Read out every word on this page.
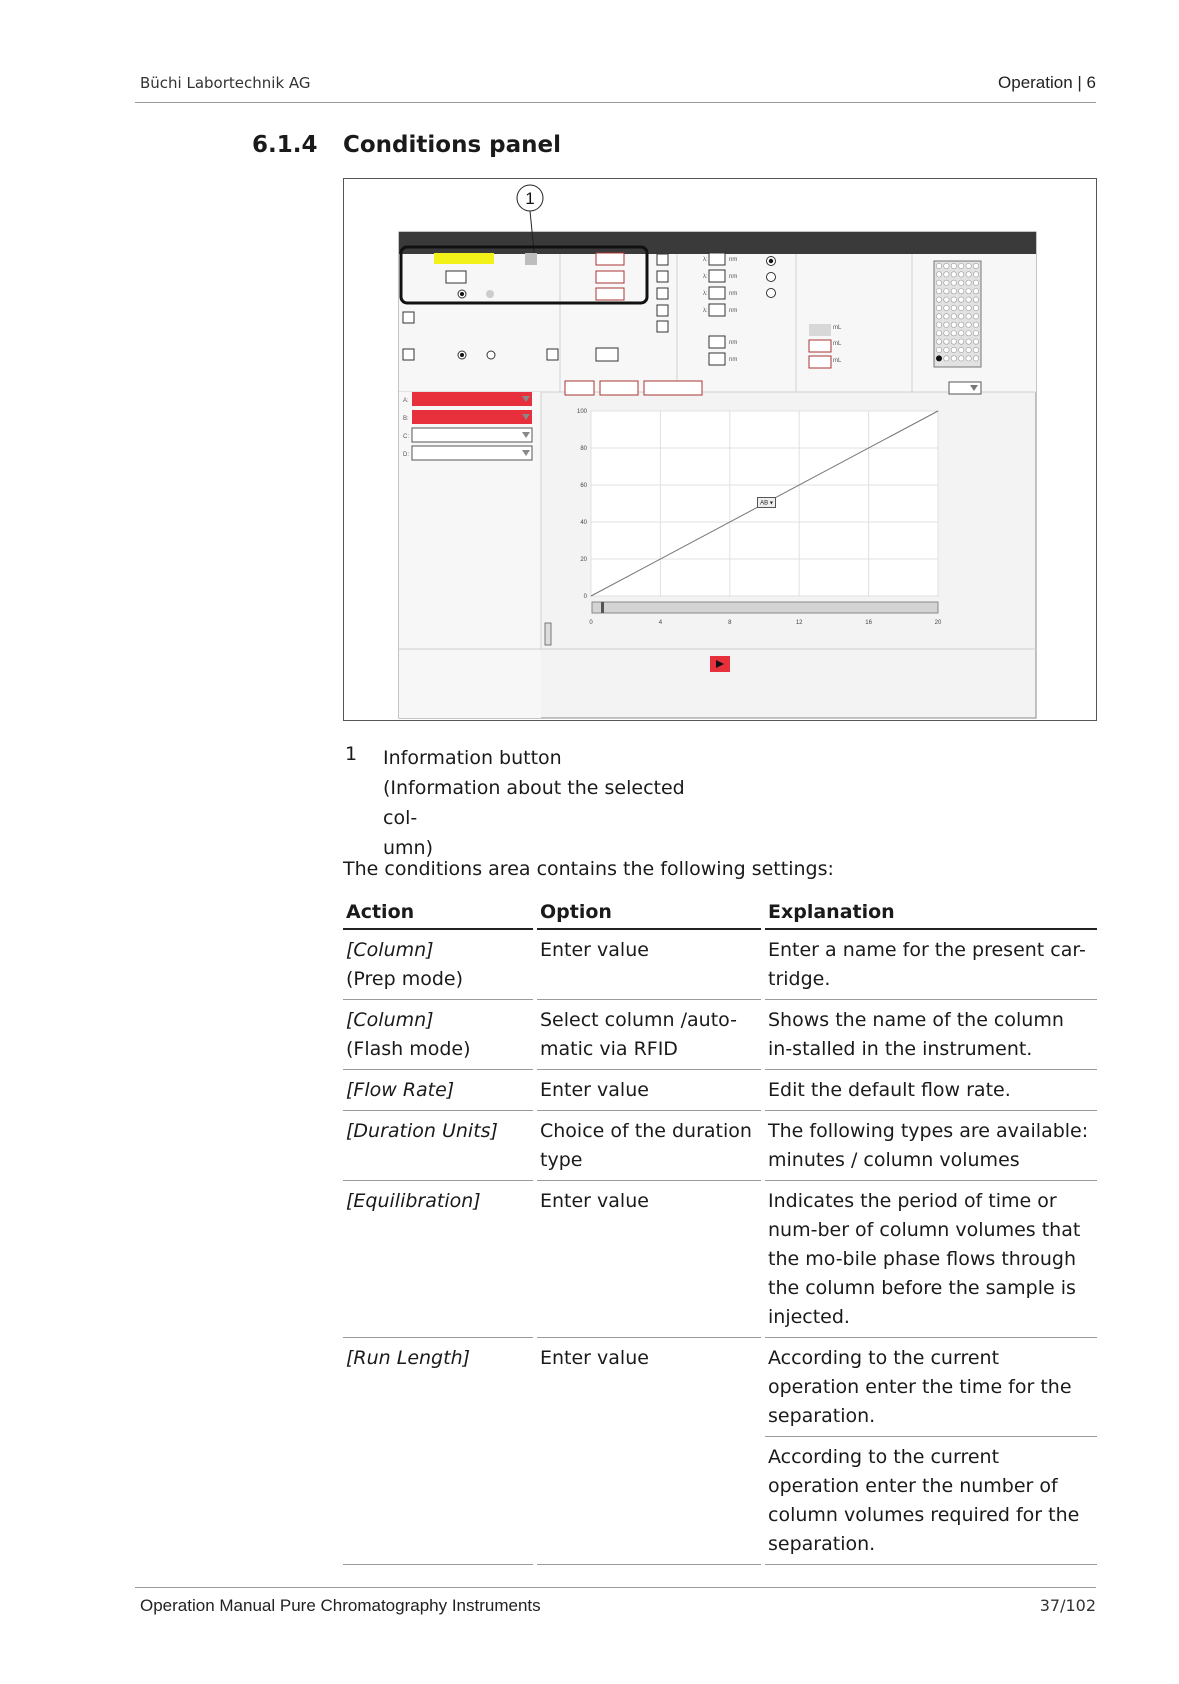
Büchi Labortechnik AG	Operation | 6
6.1.4 Conditions panel
1
λ:
λ:
λ:
λ:
nm
nm
nm
nm
nm
nm
mL
mL
mL
A:
B:
C:
D:
100
80
60
40
20
0
0	4	8	12	16	20
AB ▾
1 Information button
(Information about the selected col-
umn)
The conditions area contains the following settings:
Action	Option	Explanation

[Column]
(Prep mode)	Enter value	Enter a name for the present car-tridge.

[Column]
(Flash mode)	Select column /auto-matic via RFID	Shows the name of the column in-stalled in the instrument.
[Flow Rate]	Enter value	Edit the default flow rate.
[Duration Units]	Choice of the duration type	The following types are available: minutes / column volumes
[Equilibration]	Enter value	Indicates the period of time or num-ber of column volumes that the mo-bile phase flows through the column before the sample is injected.
[Run Length]	Enter value	According to the current operation enter the time for the separation.
		According to the current operation enter the number of column volumes required for the separation.
Operation Manual Pure Chromatography Instruments	37/102
